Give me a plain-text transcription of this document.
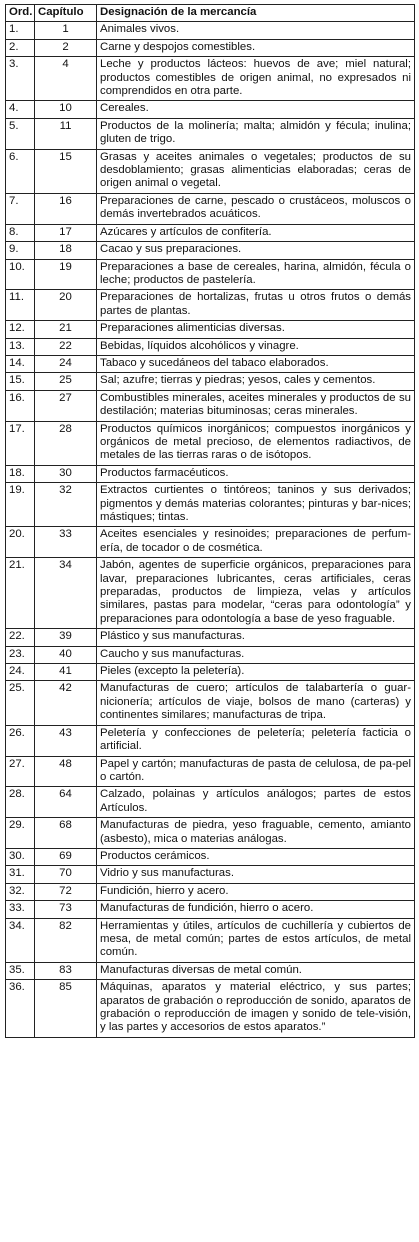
Ord.	Capítulo	Designación de la mercancía
1.	1	Animales vivos.
2.	2	Carne y despojos comestibles.
3.	4	Leche y productos lácteos: huevos de ave; miel natural; productos comestibles de origen animal, no expresados ni comprendidos en otra parte.
4.	10	Cereales.
5.	11	Productos de la molinería; malta; almidón y fécula; inulina; gluten de trigo.
6.	15	Grasas y aceites animales o vegetales; productos de su desdoblamiento; grasas alimenticias elaboradas; ceras de origen animal o vegetal.
7.	16	Preparaciones de carne, pescado o crustáceos, moluscos o demás invertebrados acuáticos.
8.	17	Azúcares y artículos de confitería.
9.	18	Cacao y sus preparaciones.
10.	19	Preparaciones a base de cereales, harina, almidón, fécula o leche; productos de pastelería.
11.	20	Preparaciones de hortalizas, frutas u otros frutos o demás partes de plantas.
12.	21	Preparaciones alimenticias diversas.
13.	22	Bebidas, líquidos alcohólicos y vinagre.
14.	24	Tabaco y sucedáneos del tabaco elaborados.
15.	25	Sal; azufre; tierras y piedras; yesos, cales y cementos.
16.	27	Combustibles minerales, aceites minerales y productos de su destilación; materias bituminosas; ceras minerales.
17.	28	Productos químicos inorgánicos; compuestos inorgánicos y orgánicos de metal precioso, de elementos radiactivos, de metales de las tierras raras o de isótopos.
18.	30	Productos farmacéuticos.
19.	32	Extractos curtientes o tintóreos; taninos y sus derivados; pigmentos y demás materias colorantes; pinturas y bar-nices; mástiques; tintas.
20.	33	Aceites esenciales y resinoides; preparaciones de perfum-ería, de tocador o de cosmética.
21.	34	Jabón, agentes de superficie orgánicos, preparaciones para lavar, preparaciones lubricantes, ceras artificiales, ceras preparadas, productos de limpieza, velas y artículos similares, pastas para modelar, “ceras para odontología” y preparaciones para odontología a base de yeso fraguable.
22.	39	Plástico y sus manufacturas.
23.	40	Caucho y sus manufacturas.
24.	41	Pieles (excepto la peletería).
25.	42	Manufacturas de cuero; artículos de talabartería o guar-nicionería; artículos de viaje, bolsos de mano (carteras) y continentes similares; manufacturas de tripa.
26.	43	Peletería y confecciones de peletería; peletería facticia o artificial.
27.	48	Papel y cartón; manufacturas de pasta de celulosa, de pa-pel o cartón.
28.	64	Calzado, polainas y artículos análogos; partes de estos Artículos.
29.	68	Manufacturas de piedra, yeso fraguable, cemento, amianto (asbesto), mica o materias análogas.
30.	69	Productos cerámicos.
31.	70	Vidrio y sus manufacturas.
32.	72	Fundición, hierro y acero.
33.	73	Manufacturas de fundición, hierro o acero.
34.	82	Herramientas y útiles, artículos de cuchillería y cubiertos de mesa, de metal común; partes de estos artículos, de metal común.
35.	83	Manufacturas diversas de metal común.
36.	85	Máquinas, aparatos y material eléctrico, y sus partes; aparatos de grabación o reproducción de sonido, aparatos de grabación o reproducción de imagen y sonido de tele-visión, y las partes y accesorios de estos aparatos.”
